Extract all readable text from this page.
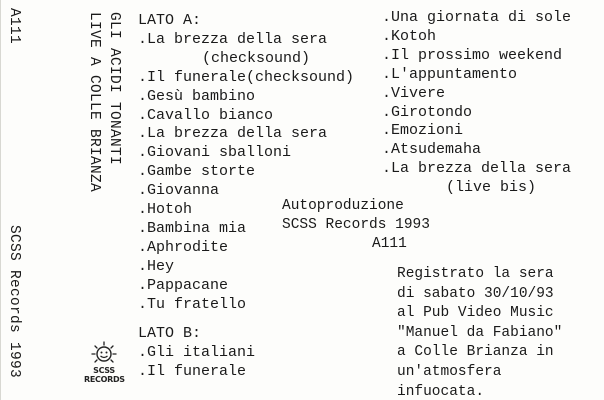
A111
SCSS Records 1993
GLI ACIDI TONANTI
LIVE A COLLE BRIANZA
SCSS
RECORDS
LATO A:
.La brezza della sera
(checksound)
.Il funerale(checksound)
.Gesù bambino
.Cavallo bianco
.La brezza della sera
.Giovani sballoni
.Gambe storte
.Giovanna
.Hotoh
.Bambina mia
.Aphrodite
.Hey
.Pappacane
.Tu fratello
LATO B:
.Gli italiani
.Il funerale
.Una giornata di sole
.Kotoh
.Il prossimo weekend
.L'appuntamento
.Vivere
.Girotondo
.Emozioni
.Atsudemaha
.La brezza della sera
(live bis)
Autoproduzione
SCSS Records 1993
A111
Registrato la sera
di sabato 30/10/93
al Pub Video Music
"Manuel da Fabiano"
a Colle Brianza in
un'atmosfera
infuocata.
